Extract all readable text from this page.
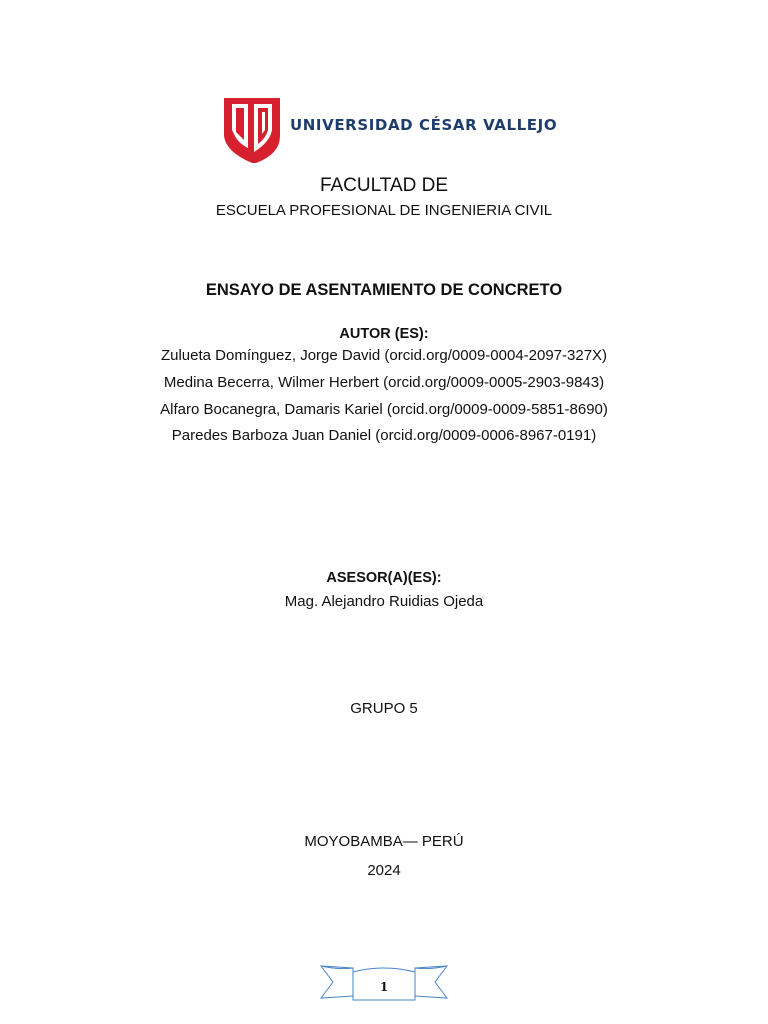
UNIVERSIDAD CÉSAR VALLEJO
FACULTAD DE
ESCUELA PROFESIONAL DE INGENIERIA CIVIL
ENSAYO DE ASENTAMIENTO DE CONCRETO
AUTOR (ES):
Zulueta Domínguez, Jorge David (orcid.org/0009-0004-2097-327X)
Medina Becerra, Wilmer Herbert (orcid.org/0009-0005-2903-9843)
Alfaro Bocanegra, Damaris Kariel (orcid.org/0009-0009-5851-8690)
Paredes Barboza Juan Daniel (orcid.org/0009-0006-8967-0191)
ASESOR(A)(ES):
Mag. Alejandro Ruidias Ojeda
GRUPO 5
MOYOBAMBA— PERÚ
2024
1
